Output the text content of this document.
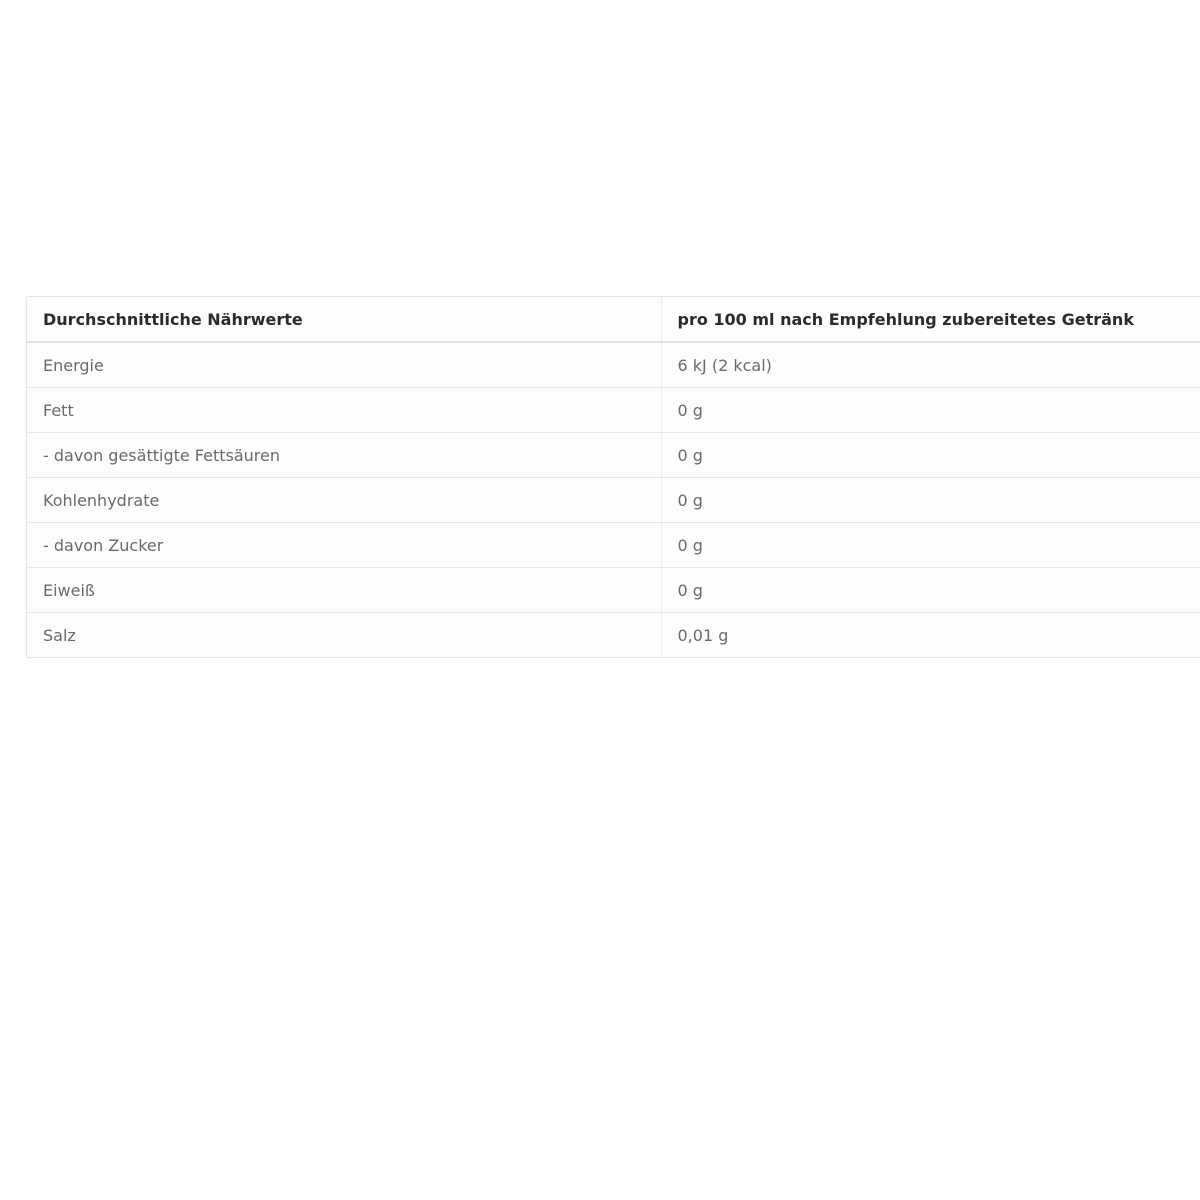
Durchschnittliche Nährwerte	pro 100 ml nach Empfehlung zubereitetes Getränk
Energie	6 kJ (2 kcal)
Fett	0 g
- davon gesättigte Fettsäuren	0 g
Kohlenhydrate	0 g
- davon Zucker	0 g
Eiweiß	0 g
Salz	0,01 g
